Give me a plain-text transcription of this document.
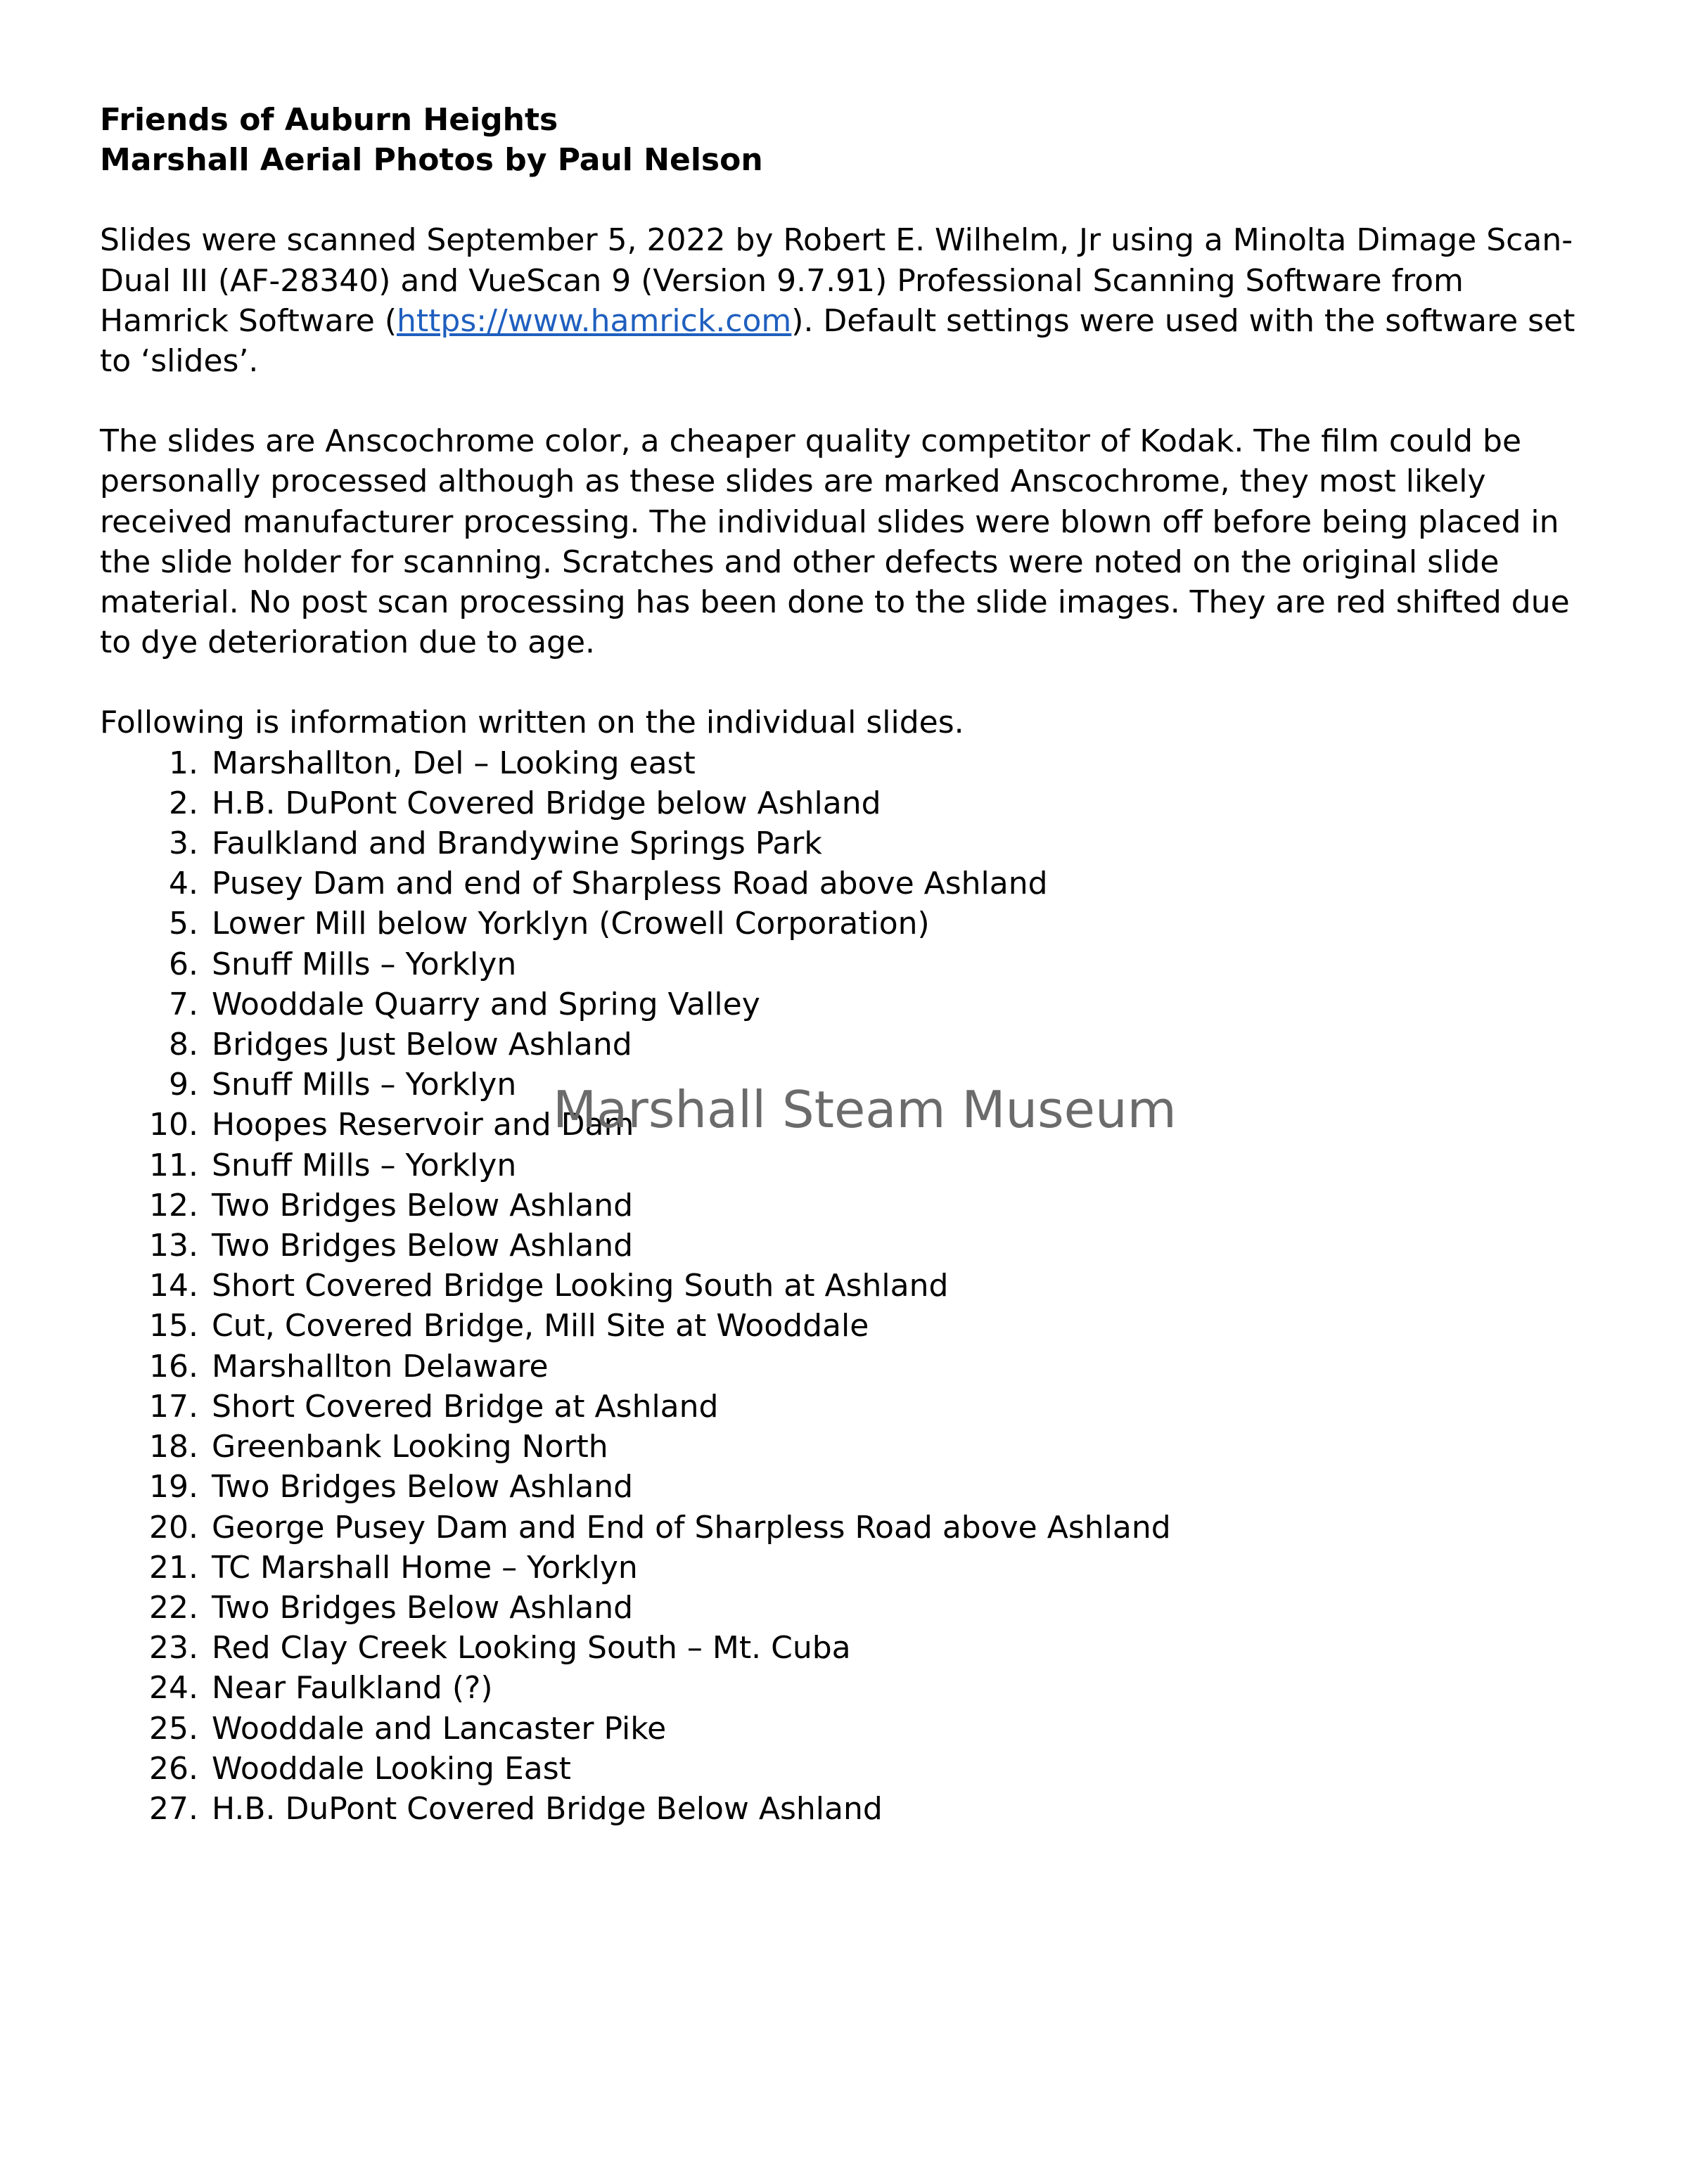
Friends of Auburn Heights

Marshall Aerial Photos by Paul Nelson

Slides were scanned September 5, 2022 by Robert E. Wilhelm, Jr using a Minolta Dimage Scan-Dual III (AF-28340) and VueScan 9 (Version 9.7.91) Professional Scanning Software from Hamrick Software (https://www.hamrick.com). Default settings were used with the software set to ‘slides’.

The slides are Anscochrome color, a cheaper quality competitor of Kodak. The film could be personally processed although as these slides are marked Anscochrome, they most likely received manufacturer processing. The individual slides were blown off before being placed in the slide holder for scanning. Scratches and other defects were noted on the original slide material. No post scan processing has been done to the slide images. They are red shifted due to dye deterioration due to age.

Following is information written on the individual slides.

1. Marshallton, Del – Looking east
2. H.B. DuPont Covered Bridge below Ashland
3. Faulkland and Brandywine Springs Park
4. Pusey Dam and end of Sharpless Road above Ashland
5. Lower Mill below Yorklyn (Crowell Corporation)
6. Snuff Mills – Yorklyn
7. Wooddale Quarry and Spring Valley
8. Bridges Just Below Ashland
9. Snuff Mills – Yorklyn
10. Hoopes Reservoir and Dam
11. Snuff Mills – Yorklyn
12. Two Bridges Below Ashland
13. Two Bridges Below Ashland
14. Short Covered Bridge Looking South at Ashland
15. Cut, Covered Bridge, Mill Site at Wooddale
16. Marshallton Delaware
17. Short Covered Bridge at Ashland
18. Greenbank Looking North
19. Two Bridges Below Ashland
20. George Pusey Dam and End of Sharpless Road above Ashland
21. TC Marshall Home – Yorklyn
22. Two Bridges Below Ashland
23. Red Clay Creek Looking South – Mt. Cuba
24. Near Faulkland (?)
25. Wooddale and Lancaster Pike
26. Wooddale Looking East
27. H.B. DuPont Covered Bridge Below Ashland
Marshall Steam Museum
